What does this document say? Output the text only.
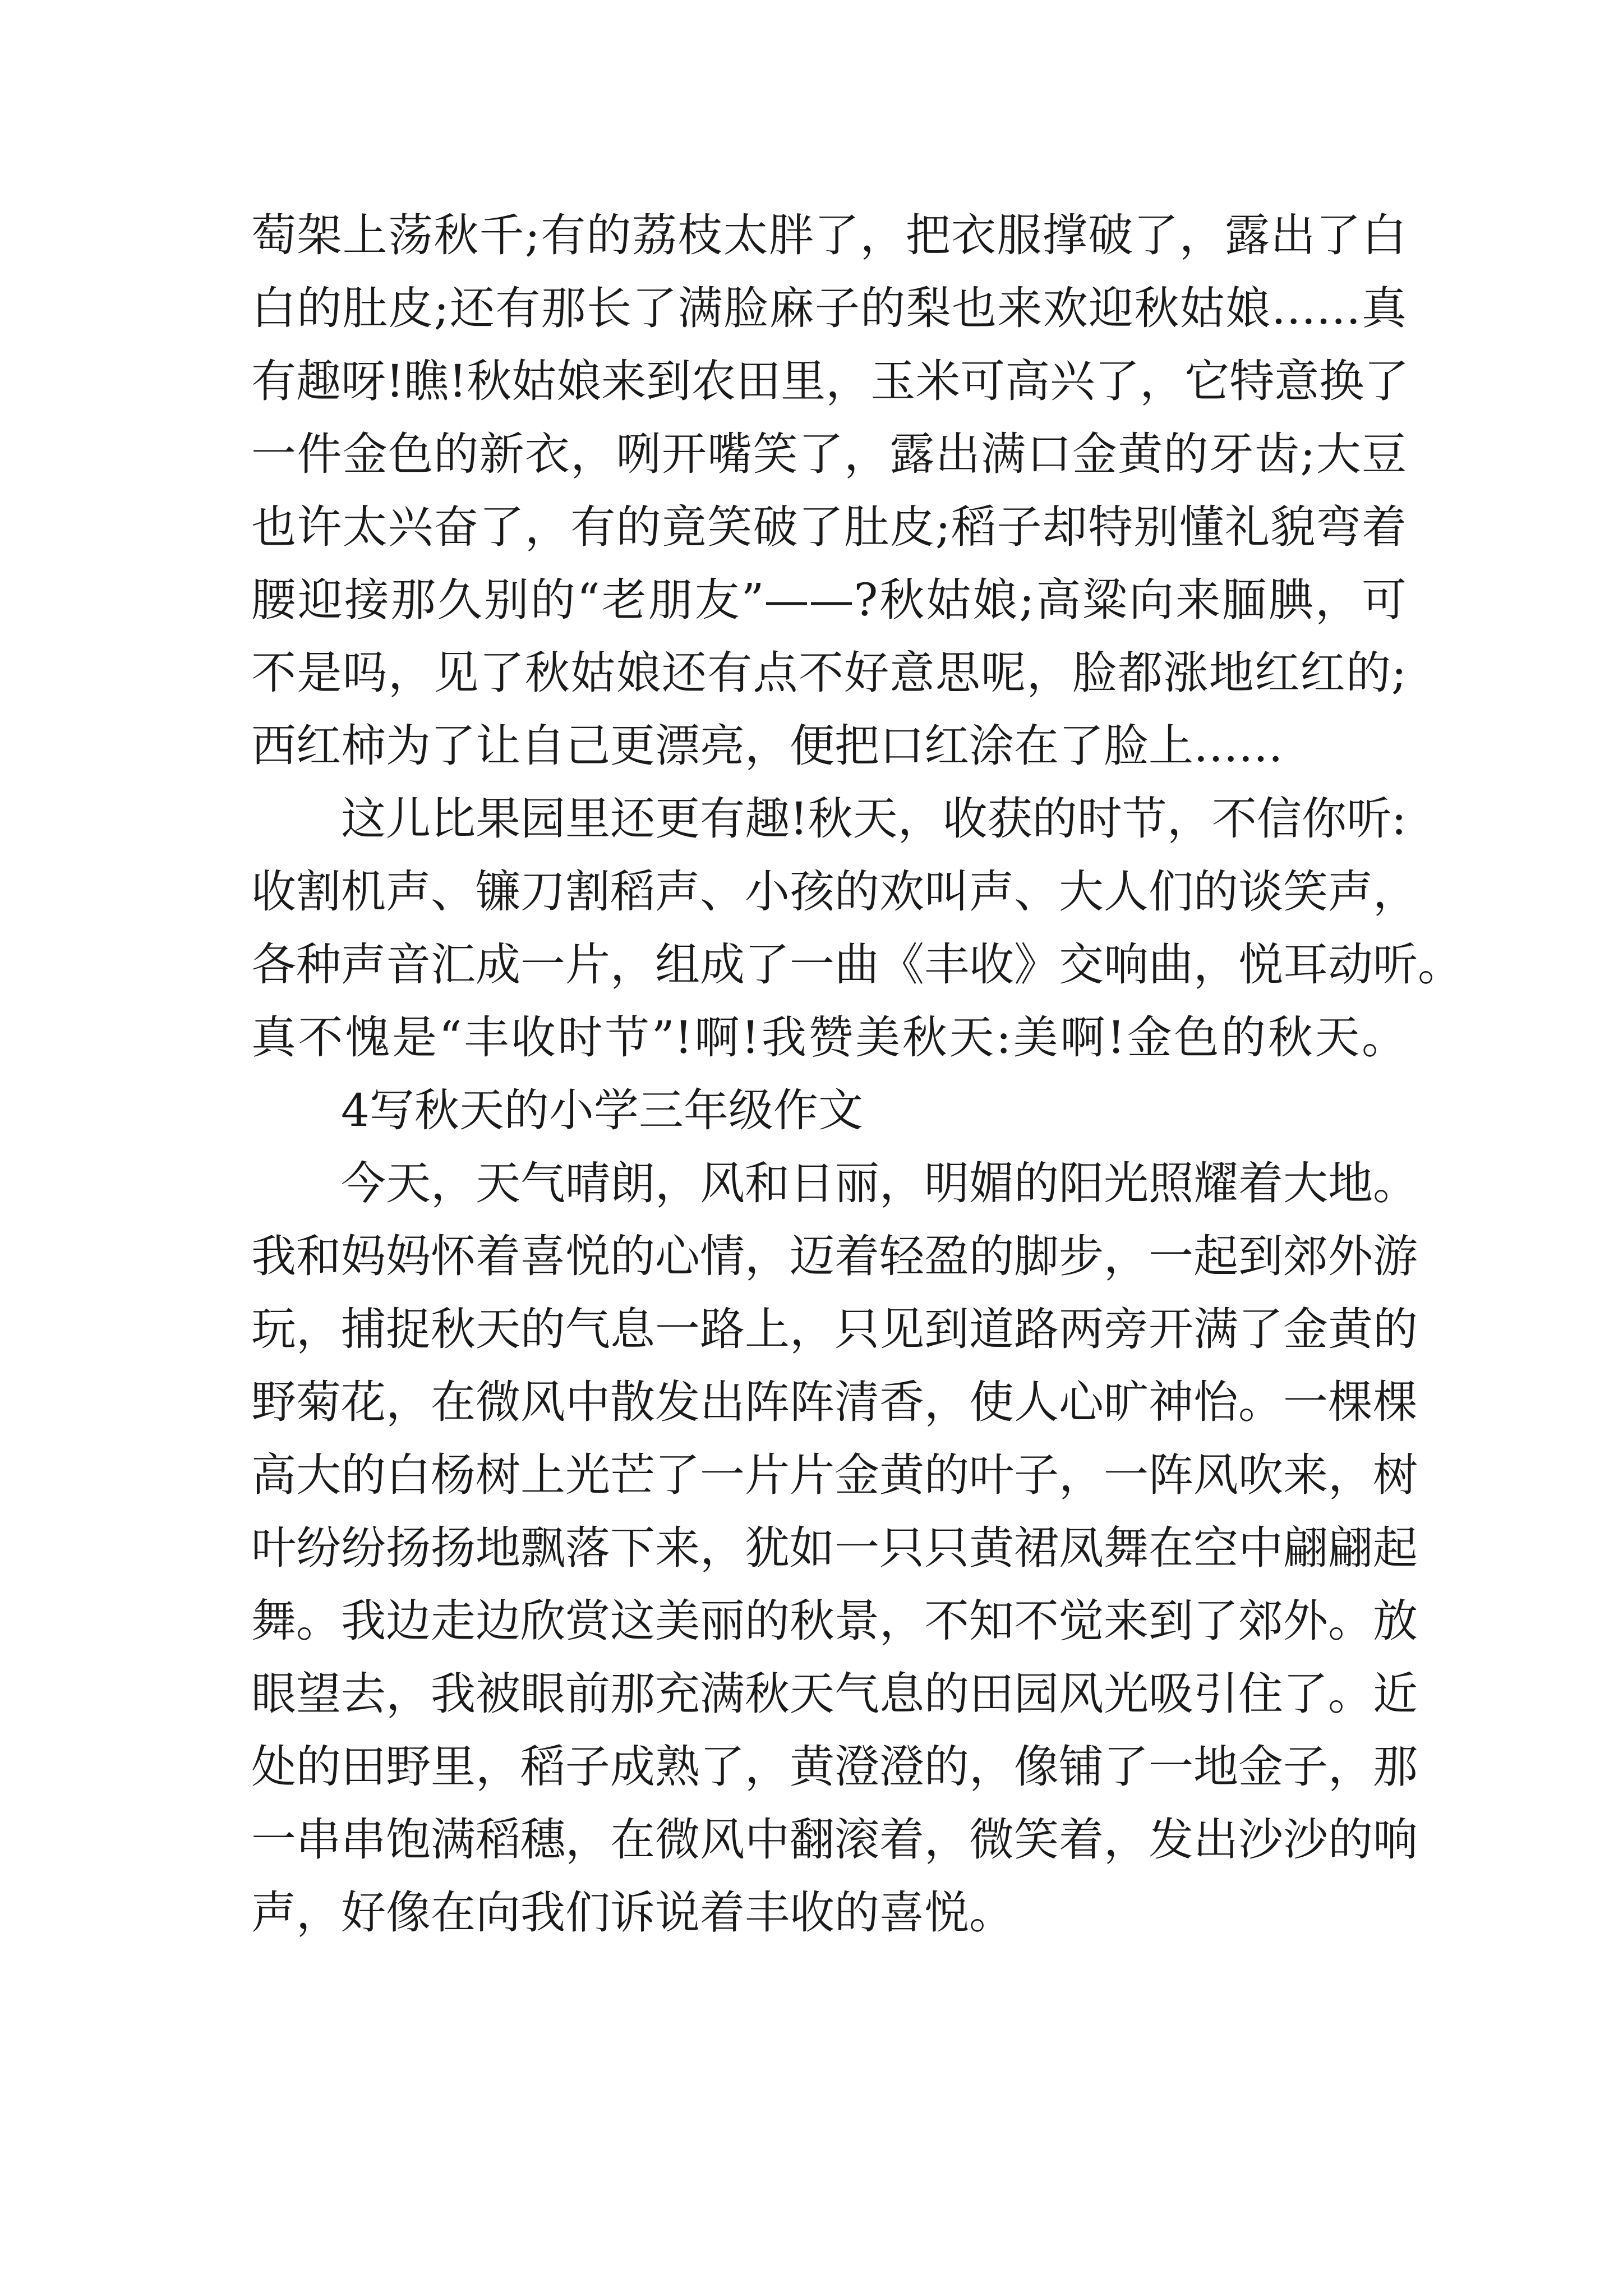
萄架上荡秋千;有的荔枝太胖了，把衣服撑破了，露出了白
白的肚皮;还有那长了满脸麻子的梨也来欢迎秋姑娘……真
有趣呀!瞧!秋姑娘来到农田里，玉米可高兴了，它特意换了
一件金色的新衣，咧开嘴笑了，露出满口金黄的牙齿;大豆
也许太兴奋了，有的竟笑破了肚皮;稻子却特别懂礼貌弯着
腰迎接那久别的“老朋友”——?秋姑娘;高粱向来腼腆，可
不是吗，见了秋姑娘还有点不好意思呢，脸都涨地红红的;
西红柿为了让自己更漂亮，便把口红涂在了脸上……
这儿比果园里还更有趣!秋天，收获的时节，不信你听:
收割机声、镰刀割稻声、小孩的欢叫声、大人们的谈笑声，
各种声音汇成一片，组成了一曲《丰收》交响曲，悦耳动听。
真不愧是“丰收时节”!啊!我赞美秋天:美啊!金色的秋天。
4写秋天的小学三年级作文
今天，天气晴朗，风和日丽，明媚的阳光照耀着大地。
我和妈妈怀着喜悦的心情，迈着轻盈的脚步，一起到郊外游
玩，捕捉秋天的气息一路上，只见到道路两旁开满了金黄的
野菊花，在微风中散发出阵阵清香，使人心旷神怡。一棵棵
高大的白杨树上光芒了一片片金黄的叶子，一阵风吹来，树
叶纷纷扬扬地飘落下来，犹如一只只黄裙凤舞在空中翩翩起
舞。我边走边欣赏这美丽的秋景，不知不觉来到了郊外。放
眼望去，我被眼前那充满秋天气息的田园风光吸引住了。近
处的田野里，稻子成熟了，黄澄澄的，像铺了一地金子，那
一串串饱满稻穗，在微风中翻滚着，微笑着，发出沙沙的响
声，好像在向我们诉说着丰收的喜悦。
